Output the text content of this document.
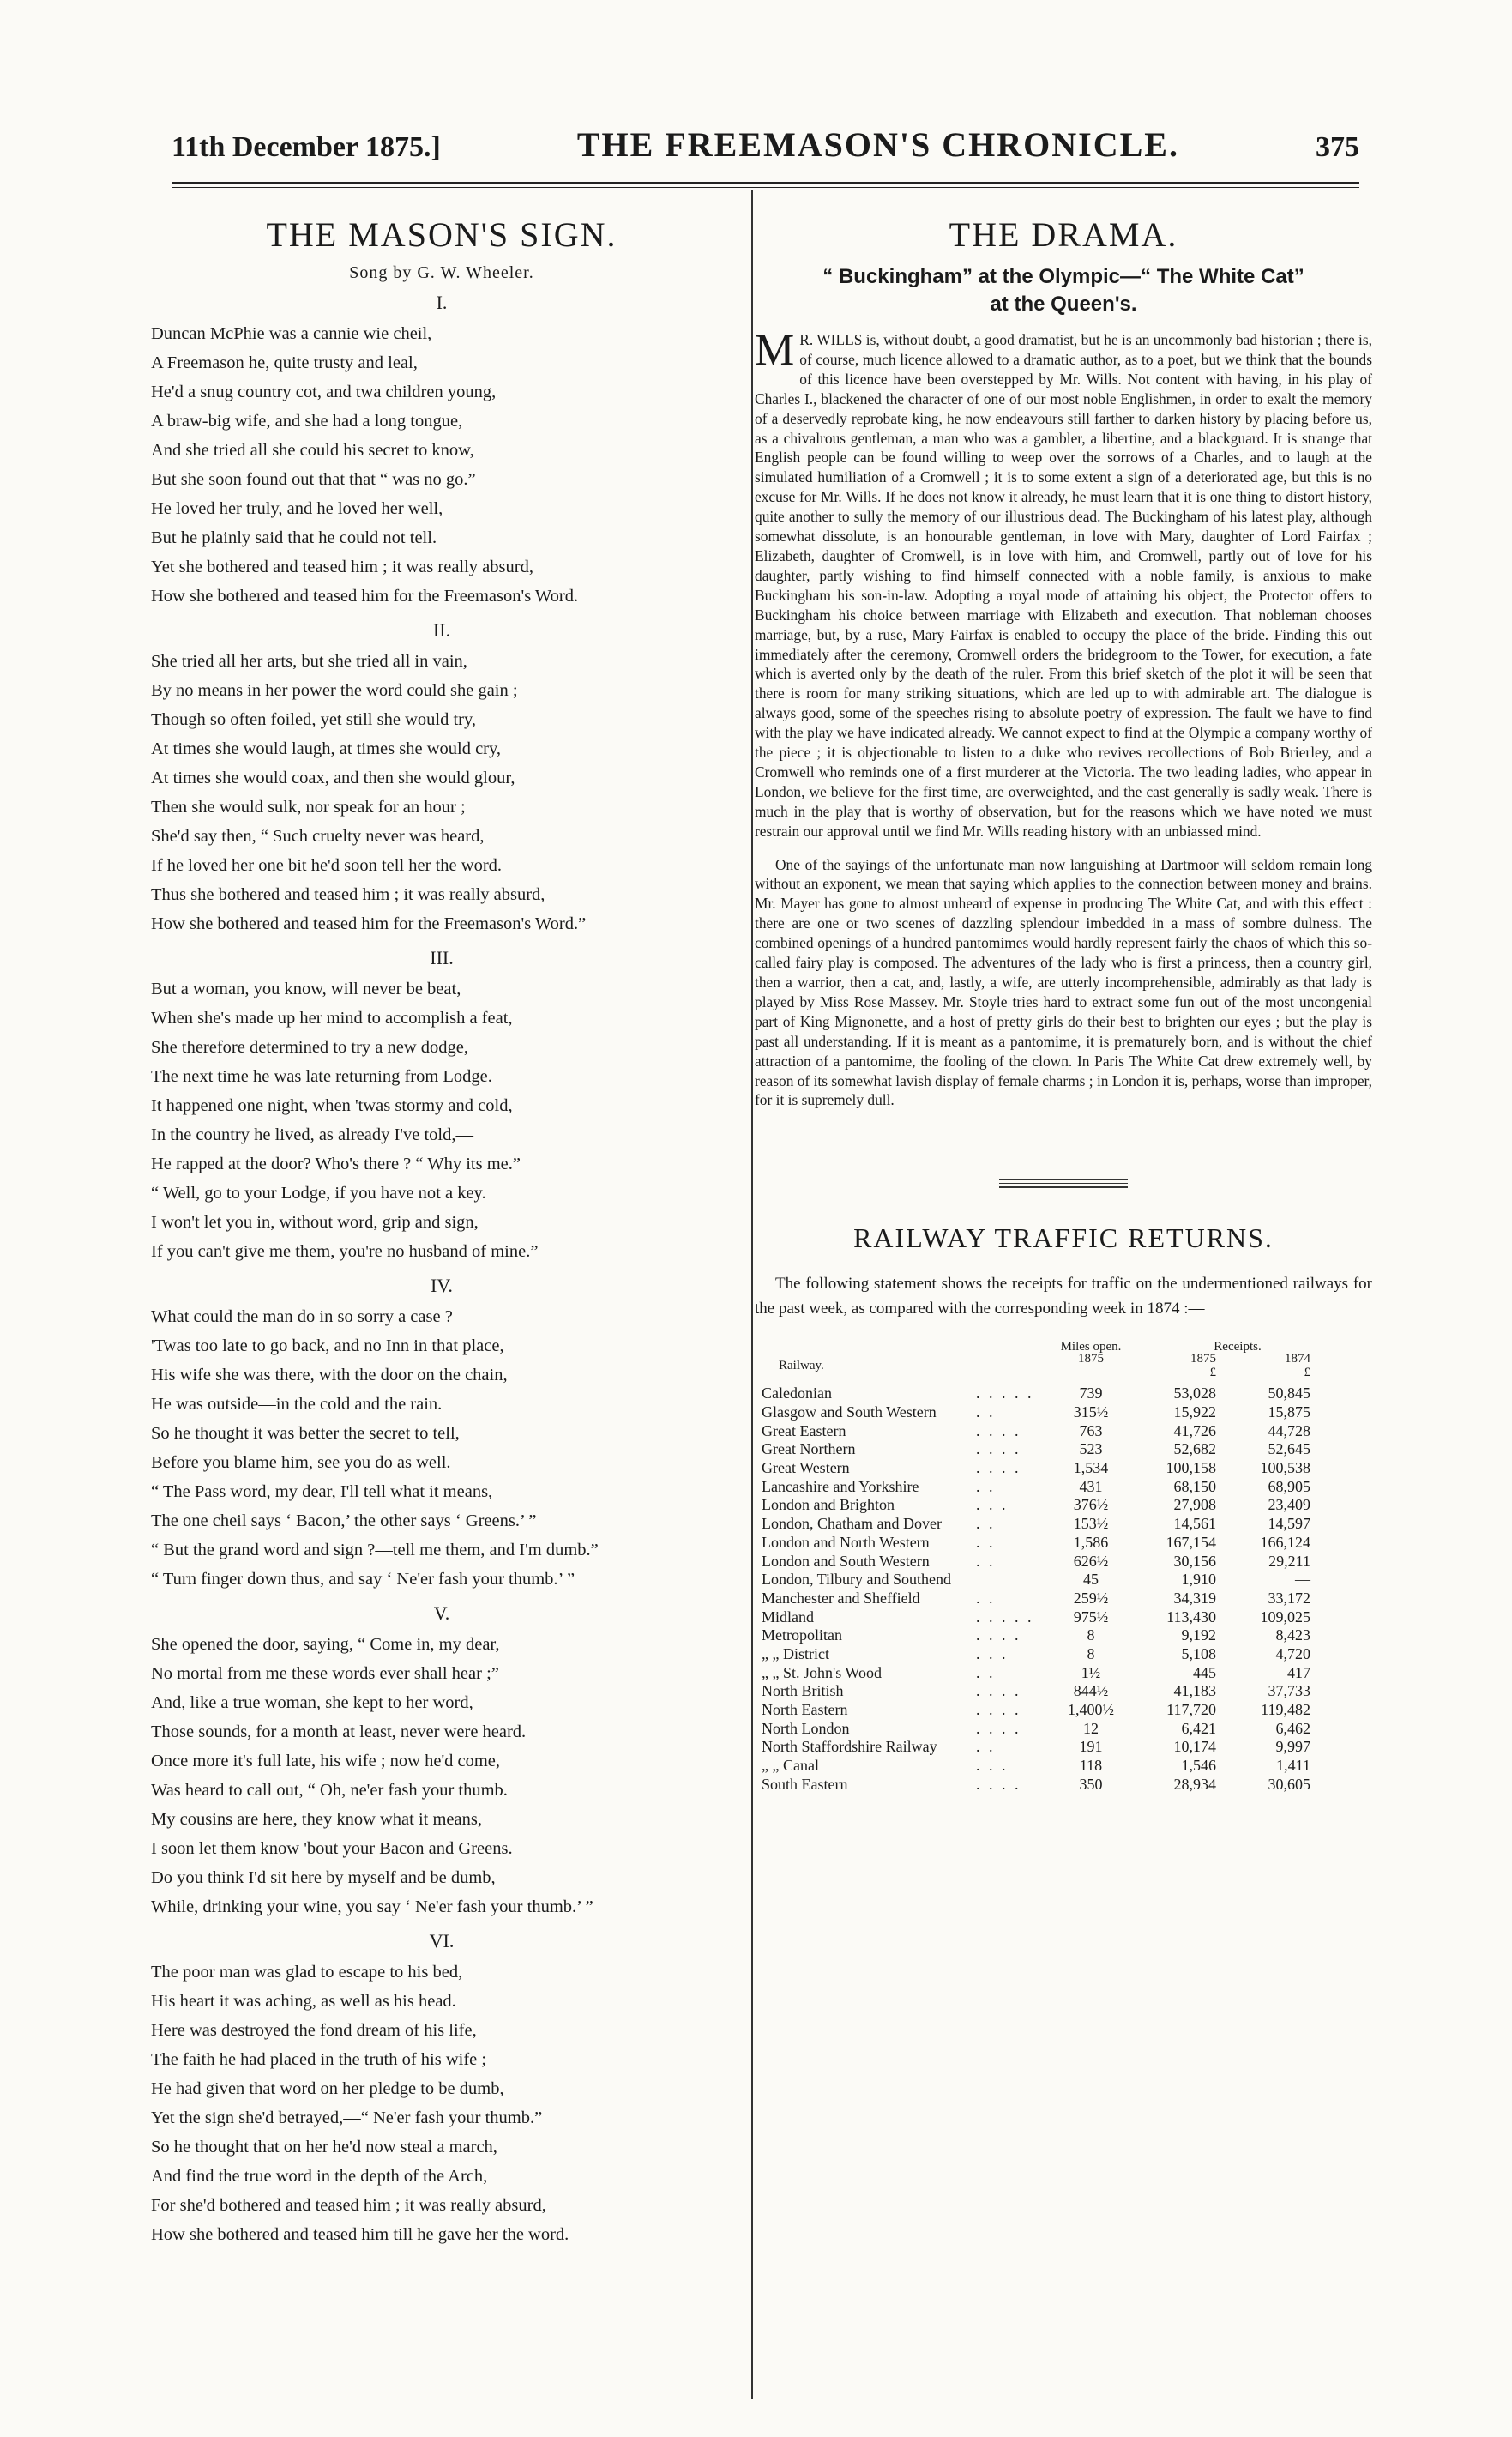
11th December 1875.]	THE FREEMASON'S CHRONICLE.	375
THE MASON'S SIGN.
Song by G. W. Wheeler.
I.
Duncan McPhie was a cannie wie cheil,
A Freemason he, quite trusty and leal,
He'd a snug country cot, and twa children young,
A braw-big wife, and she had a long tongue,
And she tried all she could his secret to know,
But she soon found out that that “ was no go.”
He loved her truly, and he loved her well,
But he plainly said that he could not tell.
Yet she bothered and teased him ; it was really absurd,
How she bothered and teased him for the Freemason's Word.
II.
She tried all her arts, but she tried all in vain,
By no means in her power the word could she gain ;
Though so often foiled, yet still she would try,
At times she would laugh, at times she would cry,
At times she would coax, and then she would glour,
Then she would sulk, nor speak for an hour ;
She'd say then, “ Such cruelty never was heard,
If he loved her one bit he'd soon tell her the word.
Thus she bothered and teased him ; it was really absurd,
How she bothered and teased him for the Freemason's Word.”
III.
But a woman, you know, will never be beat,
When she's made up her mind to accomplish a feat,
She therefore determined to try a new dodge,
The next time he was late returning from Lodge.
It happened one night, when 'twas stormy and cold,—
In the country he lived, as already I've told,—
He rapped at the door? Who's there ? “ Why its me.”
“ Well, go to your Lodge, if you have not a key.
I won't let you in, without word, grip and sign,
If you can't give me them, you're no husband of mine.”
IV.
What could the man do in so sorry a case ?
'Twas too late to go back, and no Inn in that place,
His wife she was there, with the door on the chain,
He was outside—in the cold and the rain.
So he thought it was better the secret to tell,
Before you blame him, see you do as well.
“ The Pass word, my dear, I'll tell what it means,
The one cheil says ‘ Bacon,’ the other says ‘ Greens.’ ”
“ But the grand word and sign ?—tell me them, and I'm dumb.”
“ Turn finger down thus, and say ‘ Ne'er fash your thumb.’ ”
V.
She opened the door, saying, “ Come in, my dear,
No mortal from me these words ever shall hear ;”
And, like a true woman, she kept to her word,
Those sounds, for a month at least, never were heard.
Once more it's full late, his wife ; now he'd come,
Was heard to call out, “ Oh, ne'er fash your thumb.
My cousins are here, they know what it means,
I soon let them know 'bout your Bacon and Greens.
Do you think I'd sit here by myself and be dumb,
While, drinking your wine, you say ‘ Ne'er fash your thumb.’ ”
VI.
The poor man was glad to escape to his bed,
His heart it was aching, as well as his head.
Here was destroyed the fond dream of his life,
The faith he had placed in the truth of his wife ;
He had given that word on her pledge to be dumb,
Yet the sign she'd betrayed,—“ Ne'er fash your thumb.”
So he thought that on her he'd now steal a march,
And find the true word in the depth of the Arch,
For she'd bothered and teased him ; it was really absurd,
How she bothered and teased him till he gave her the word.
THE DRAMA.
“ Buckingham” at the Olympic—“ The White Cat”
at the Queen's.

M R. WILLS is, without doubt, a good dramatist, but he is an uncommonly bad historian ; there is, of course, much licence allowed to a dramatic author, as to a poet, but we think that the bounds of this licence have been overstepped by Mr. Wills. Not content with having, in his play of Charles I., blackened the character of one of our most noble Englishmen, in order to exalt the memory of a deservedly reprobate king, he now endeavours still farther to darken history by placing before us, as a chivalrous gentleman, a man who was a gambler, a libertine, and a blackguard. It is strange that English people can be found willing to weep over the sorrows of a Charles, and to laugh at the simulated humiliation of a Cromwell ; it is to some extent a sign of a deteriorated age, but this is no excuse for Mr. Wills. If he does not know it already, he must learn that it is one thing to distort history, quite another to sully the memory of our illustrious dead. The Buckingham of his latest play, although somewhat dissolute, is an honourable gentleman, in love with Mary, daughter of Lord Fairfax ; Elizabeth, daughter of Cromwell, is in love with him, and Cromwell, partly out of love for his daughter, partly wishing to find himself connected with a noble family, is anxious to make Buckingham his son-in-law. Adopting a royal mode of attaining his object, the Protector offers to Buckingham his choice between marriage with Elizabeth and execution. That nobleman chooses marriage, but, by a ruse, Mary Fairfax is enabled to occupy the place of the bride. Finding this out immediately after the ceremony, Cromwell orders the bridegroom to the Tower, for execution, a fate which is averted only by the death of the ruler. From this brief sketch of the plot it will be seen that there is room for many striking situations, which are led up to with admirable art. The dialogue is always good, some of the speeches rising to absolute poetry of expression. The fault we have to find with the play we have indicated already. We cannot expect to find at the Olympic a company worthy of the piece ; it is objectionable to listen to a duke who revives recollections of Bob Brierley, and a Cromwell who reminds one of a first murderer at the Victoria. The two leading ladies, who appear in London, we believe for the first time, are overweighted, and the cast generally is sadly weak. There is much in the play that is worthy of observation, but for the reasons which we have noted we must restrain our approval until we find Mr. Wills reading history with an unbiassed mind.

One of the sayings of the unfortunate man now languishing at Dartmoor will seldom remain long without an exponent, we mean that saying which applies to the connection between money and brains. Mr. Mayer has gone to almost unheard of expense in producing The White Cat, and with this effect : there are one or two scenes of dazzling splendour imbedded in a mass of sombre dulness. The combined openings of a hundred pantomimes would hardly represent fairly the chaos of which this so-called fairy play is composed. The adventures of the lady who is first a princess, then a country girl, then a warrior, then a cat, and, lastly, a wife, are utterly incomprehensible, admirably as that lady is played by Miss Rose Massey. Mr. Stoyle tries hard to extract some fun out of the most uncongenial part of King Mignonette, and a host of pretty girls do their best to brighten our eyes ; but the play is past all understanding. If it is meant as a pantomime, it is prematurely born, and is without the chief attraction of a pantomime, the fooling of the clown. In Paris The White Cat drew extremely well, by reason of its somewhat lavish display of female charms ; in London it is, perhaps, worse than improper, for it is supremely dull.

RAILWAY TRAFFIC RETURNS.

The following statement shows the receipts for traffic on the undermentioned railways for the past week, as compared with the corresponding week in 1874 :—

Railway.
Miles open.
1875
Receipts.
1875	1874
£	£
Caledonian	. . . . .	739	53,028	50,845
Glasgow and South Western	. .	315½	15,922	15,875
Great Eastern	. . . .	763	41,726	44,728
Great Northern	. . . .	523	52,682	52,645
Great Western	. . . .	1,534	100,158	100,538
Lancashire and Yorkshire	. .	431	68,150	68,905
London and Brighton	. . .	376½	27,908	23,409
London, Chatham and Dover . .	153½	14,561	14,597
London and North Western	. .	1,586	167,154	166,124
London and South Western	. .	626½	30,156	29,211
London, Tilbury and Southend	45	1,910	—
Manchester and Sheffield	. .	259½	34,319	33,172
Midland	. . . . .	975½	113,430	109,025
Metropolitan	. . . .	8	9,192	8,423
„ „ District	. . .	8	5,108	4,720
„ „ St. John's Wood	. .	1½	445	417
North British	. . . .	844½	41,183	37,733
North Eastern	. . . .	1,400½	117,720	119,482
North London	. . . .	12	6,421	6,462
North Staffordshire Railway	. .	191	10,174	9,997
„ „ Canal	. . .	118	1,546	1,411
South Eastern	. . . .	350	28,934	30,605
